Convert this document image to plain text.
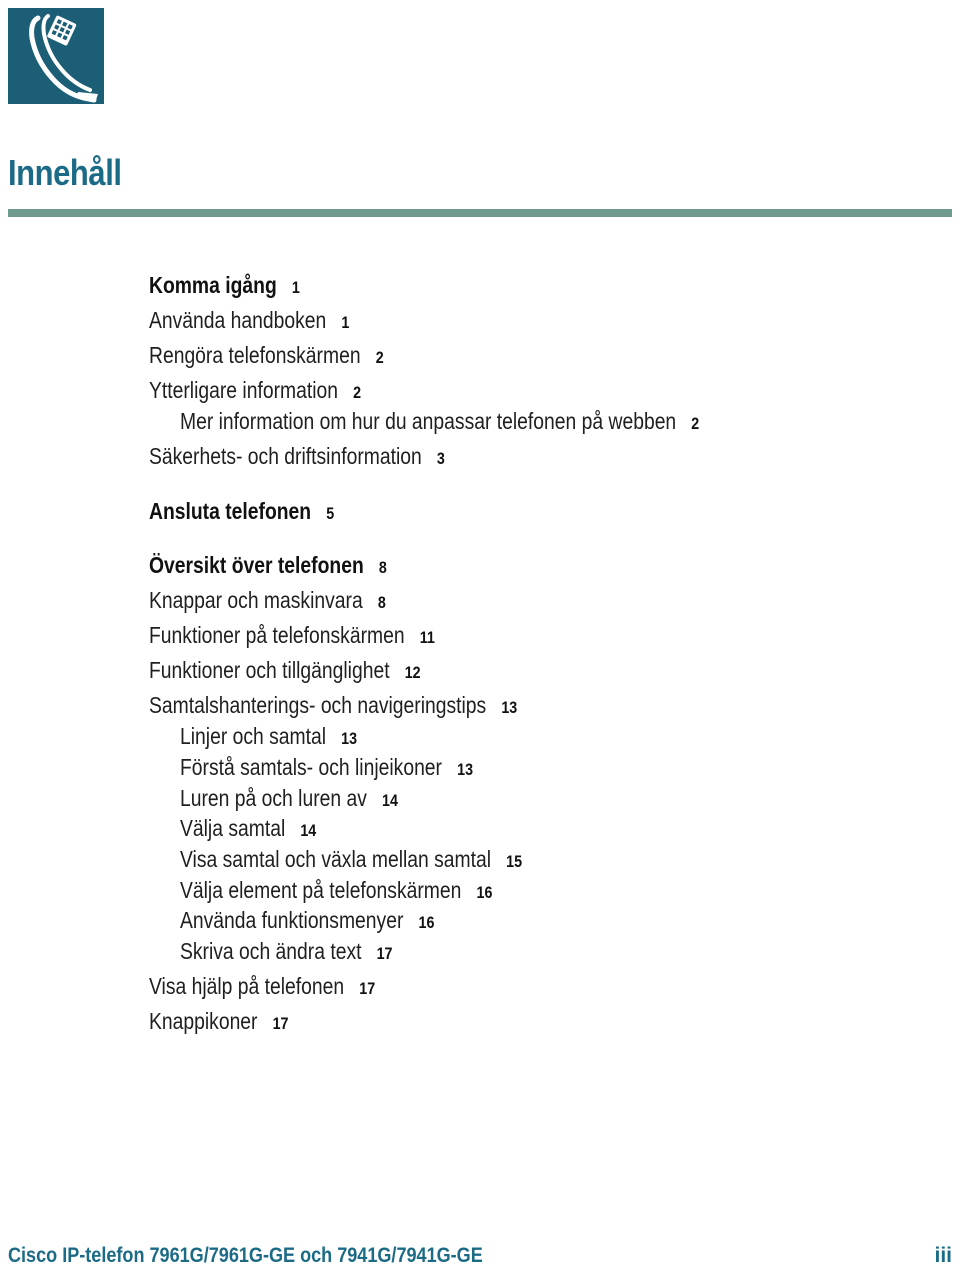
Innehåll
Komma igång 1
Använda handboken 1
Rengöra telefonskärmen 2
Ytterligare information 2
Mer information om hur du anpassar telefonen på webben 2
Säkerhets- och driftsinformation 3
Ansluta telefonen 5
Översikt över telefonen 8
Knappar och maskinvara 8
Funktioner på telefonskärmen 11
Funktioner och tillgänglighet 12
Samtalshanterings- och navigeringstips 13
Linjer och samtal 13
Förstå samtals- och linjeikoner 13
Luren på och luren av 14
Välja samtal 14
Visa samtal och växla mellan samtal 15
Välja element på telefonskärmen 16
Använda funktionsmenyer 16
Skriva och ändra text 17
Visa hjälp på telefonen 17
Knappikoner 17
Cisco IP-telefon 7961G/7961G-GE och 7941G/7941G-GE	iii
